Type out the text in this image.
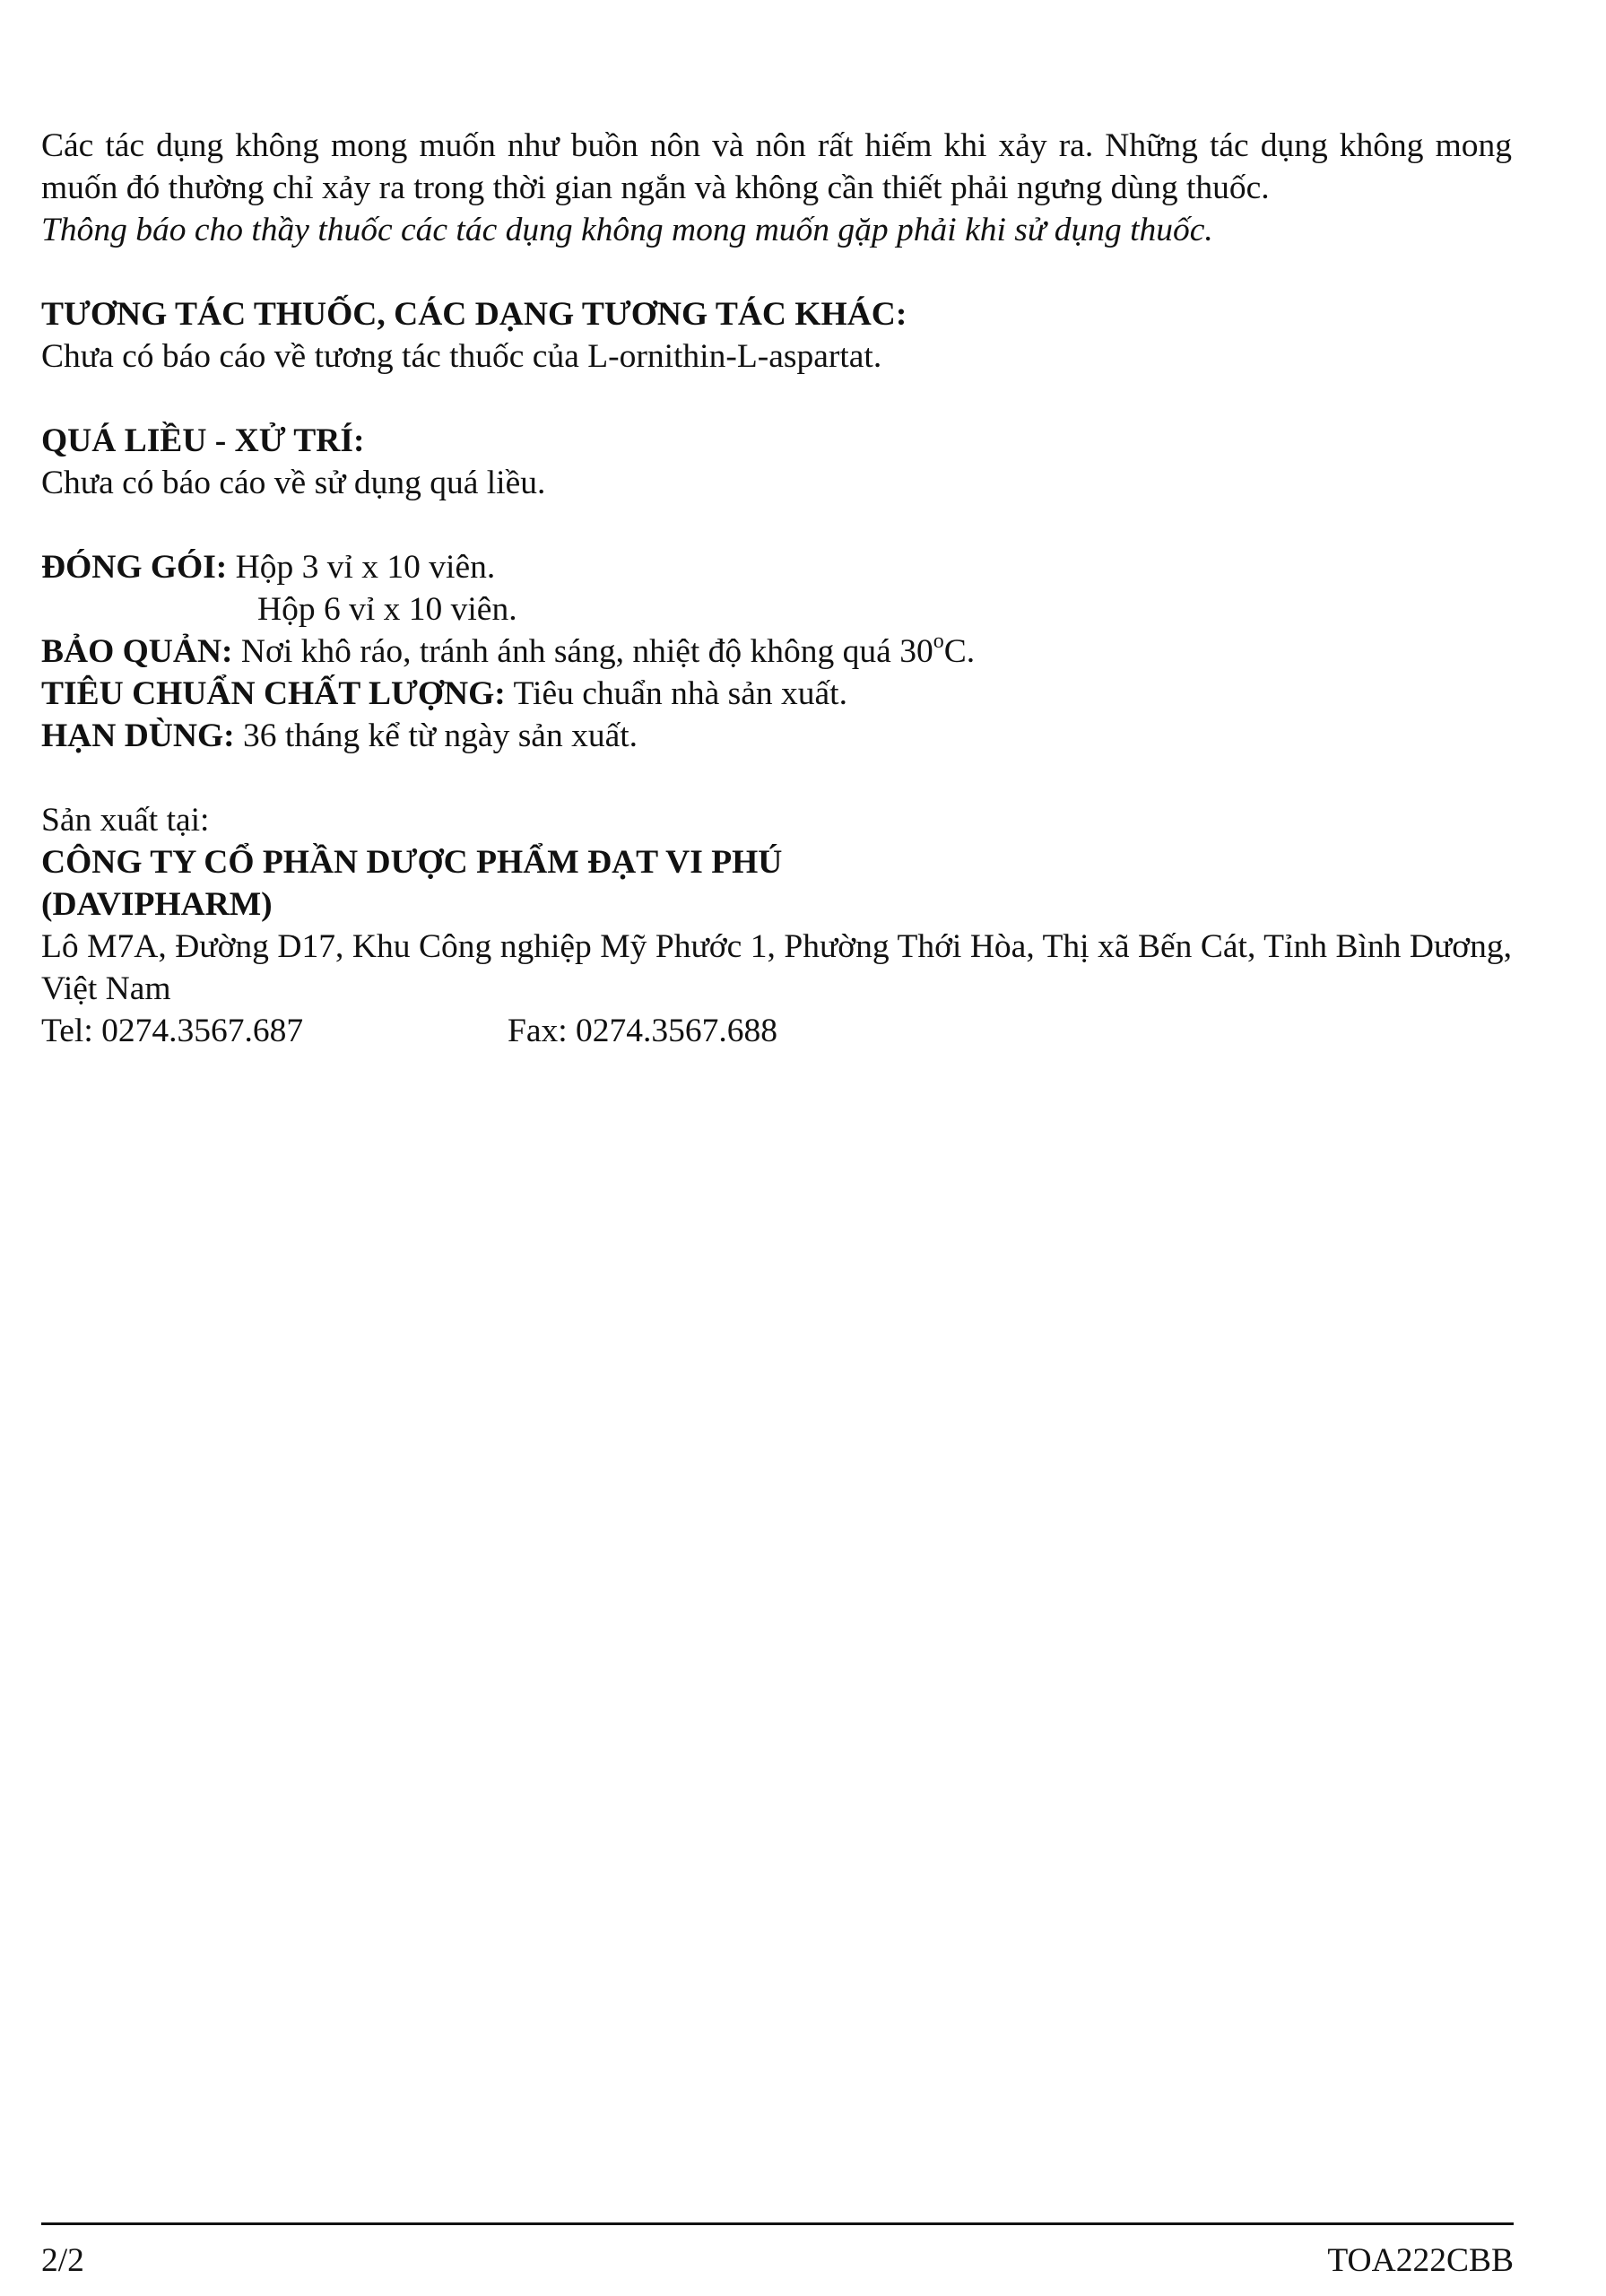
Các tác dụng không mong muốn như buồn nôn và nôn rất hiếm khi xảy ra. Những tác dụng không mong muốn đó thường chỉ xảy ra trong thời gian ngắn và không cần thiết phải ngưng dùng thuốc.

Thông báo cho thầy thuốc các tác dụng không mong muốn gặp phải khi sử dụng thuốc.

TƯƠNG TÁC THUỐC, CÁC DẠNG TƯƠNG TÁC KHÁC:

Chưa có báo cáo về tương tác thuốc của L-ornithin-L-aspartat.

QUÁ LIỀU - XỬ TRÍ:

Chưa có báo cáo về sử dụng quá liều.

ĐÓNG GÓI: Hộp 3 vỉ x 10 viên.

Hộp 6 vỉ x 10 viên.

BẢO QUẢN: Nơi khô ráo, tránh ánh sáng, nhiệt độ không quá 30$^o$C.

TIÊU CHUẨN CHẤT LƯỢNG: Tiêu chuẩn nhà sản xuất.

HẠN DÙNG: 36 tháng kể từ ngày sản xuất.

Sản xuất tại:

CÔNG TY CỔ PHẦN DƯỢC PHẨM ĐẠT VI PHÚ

(DAVIPHARM)

Lô M7A, Đường D17, Khu Công nghiệp Mỹ Phước 1, Phường Thới Hòa, Thị xã Bến Cát, Tỉnh Bình Dương, Việt Nam

Tel: 0274.3567.687	Fax: 0274.3567.688
2/2	TOA222CBB
